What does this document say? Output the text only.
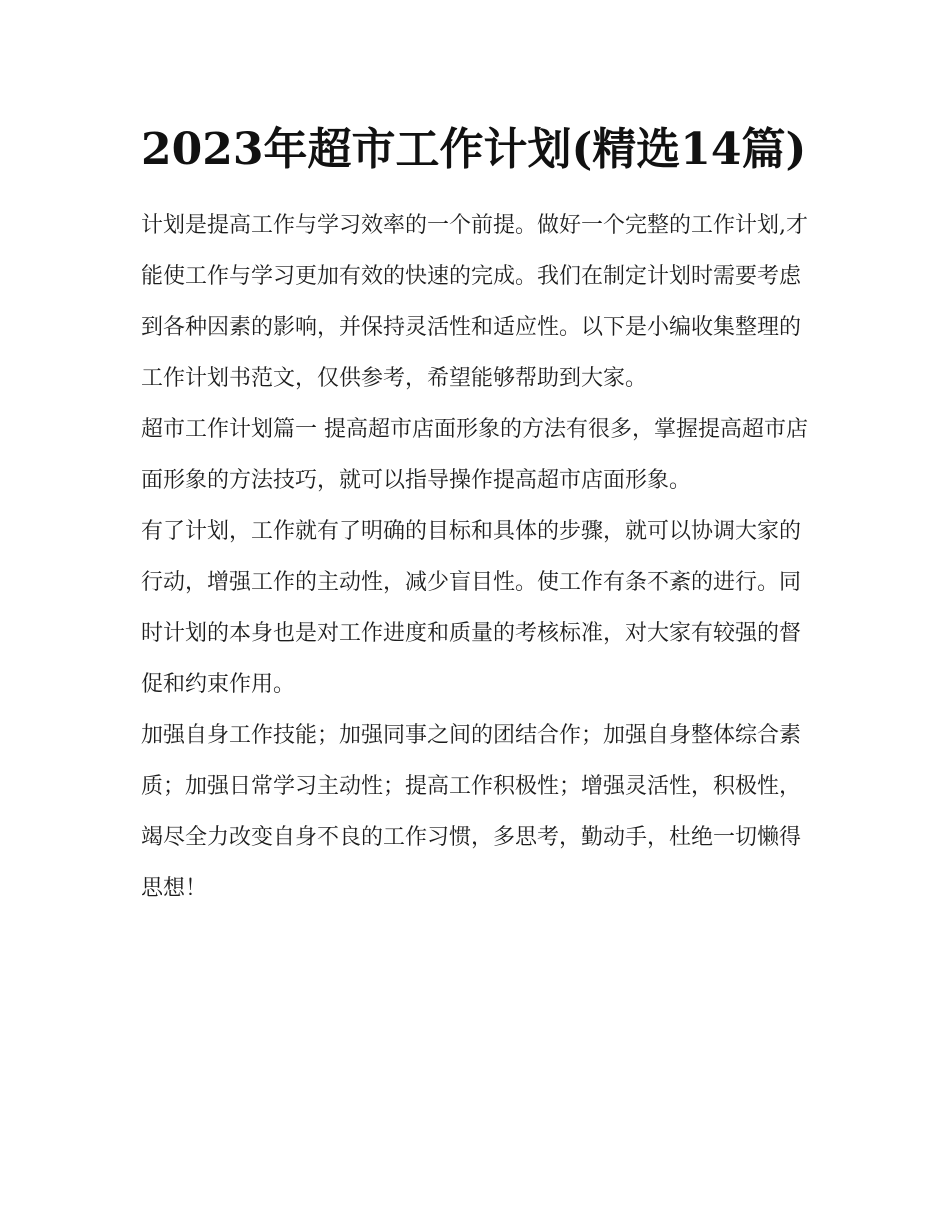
2023年超市工作计划(精选14篇)

计划是提高工作与学习效率的一个前提。做好一个完整的工作计划,才能使工作与学习更加有效的快速的完成。我们在制定计划时需要考虑到各种因素的影响，并保持灵活性和适应性。以下是小编收集整理的工作计划书范文，仅供参考，希望能够帮助到大家。

超市工作计划篇一 提高超市店面形象的方法有很多，掌握提高超市店面形象的方法技巧，就可以指导操作提高超市店面形象。

有了计划，工作就有了明确的目标和具体的步骤，就可以协调大家的行动，增强工作的主动性，减少盲目性。使工作有条不紊的进行。同时计划的本身也是对工作进度和质量的考核标准，对大家有较强的督促和约束作用。

加强自身工作技能；加强同事之间的团结合作；加强自身整体综合素质；加强日常学习主动性；提高工作积极性；增强灵活性，积极性，竭尽全力改变自身不良的工作习惯，多思考，勤动手，杜绝一切懒得思想！
